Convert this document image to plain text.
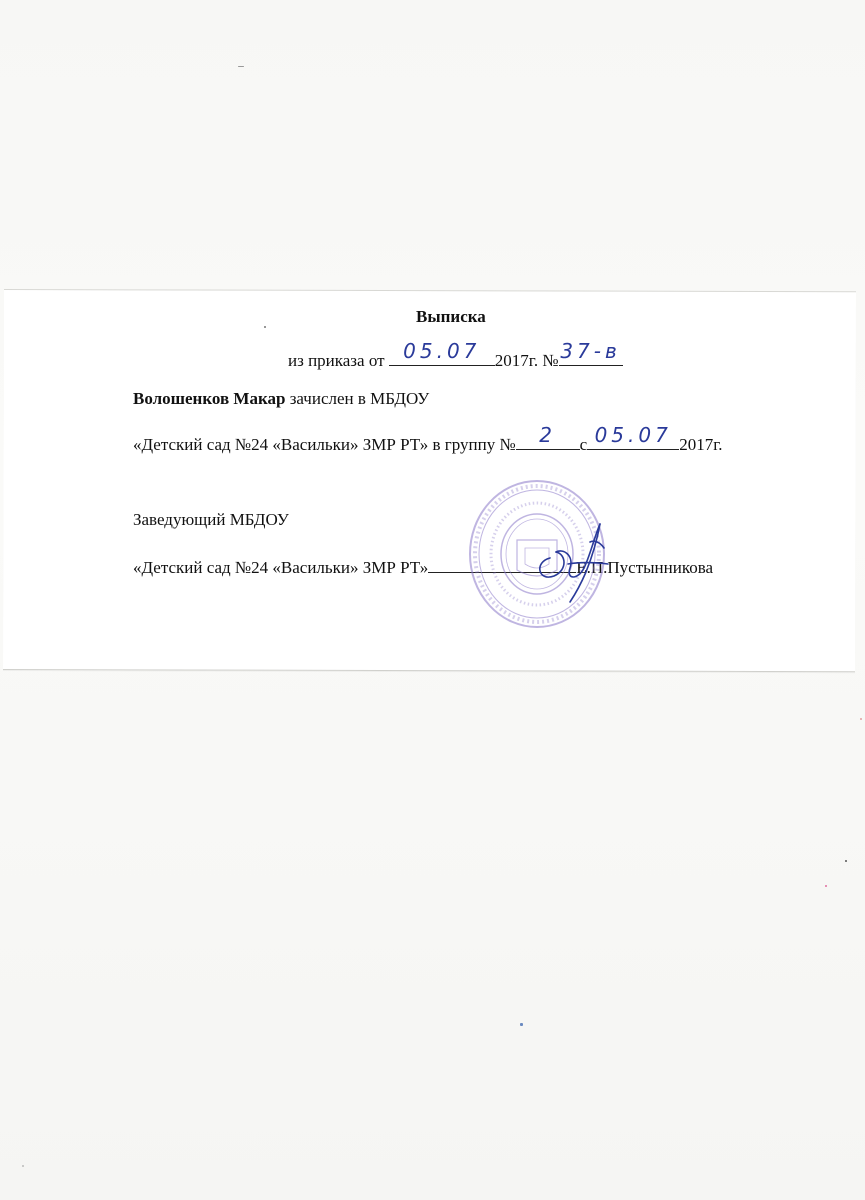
Выписка
из приказа от 05.07 2017г. № 37-в
Волошенков Макар зачислен в МБДОУ
«Детский сад №24 «Васильки» ЗМР РТ» в группу №	2	с 05.07 2017г.
Заведующий МБДОУ
«Детский сад №24 «Васильки» ЗМР РТ»	Е.П.Пустынникова
